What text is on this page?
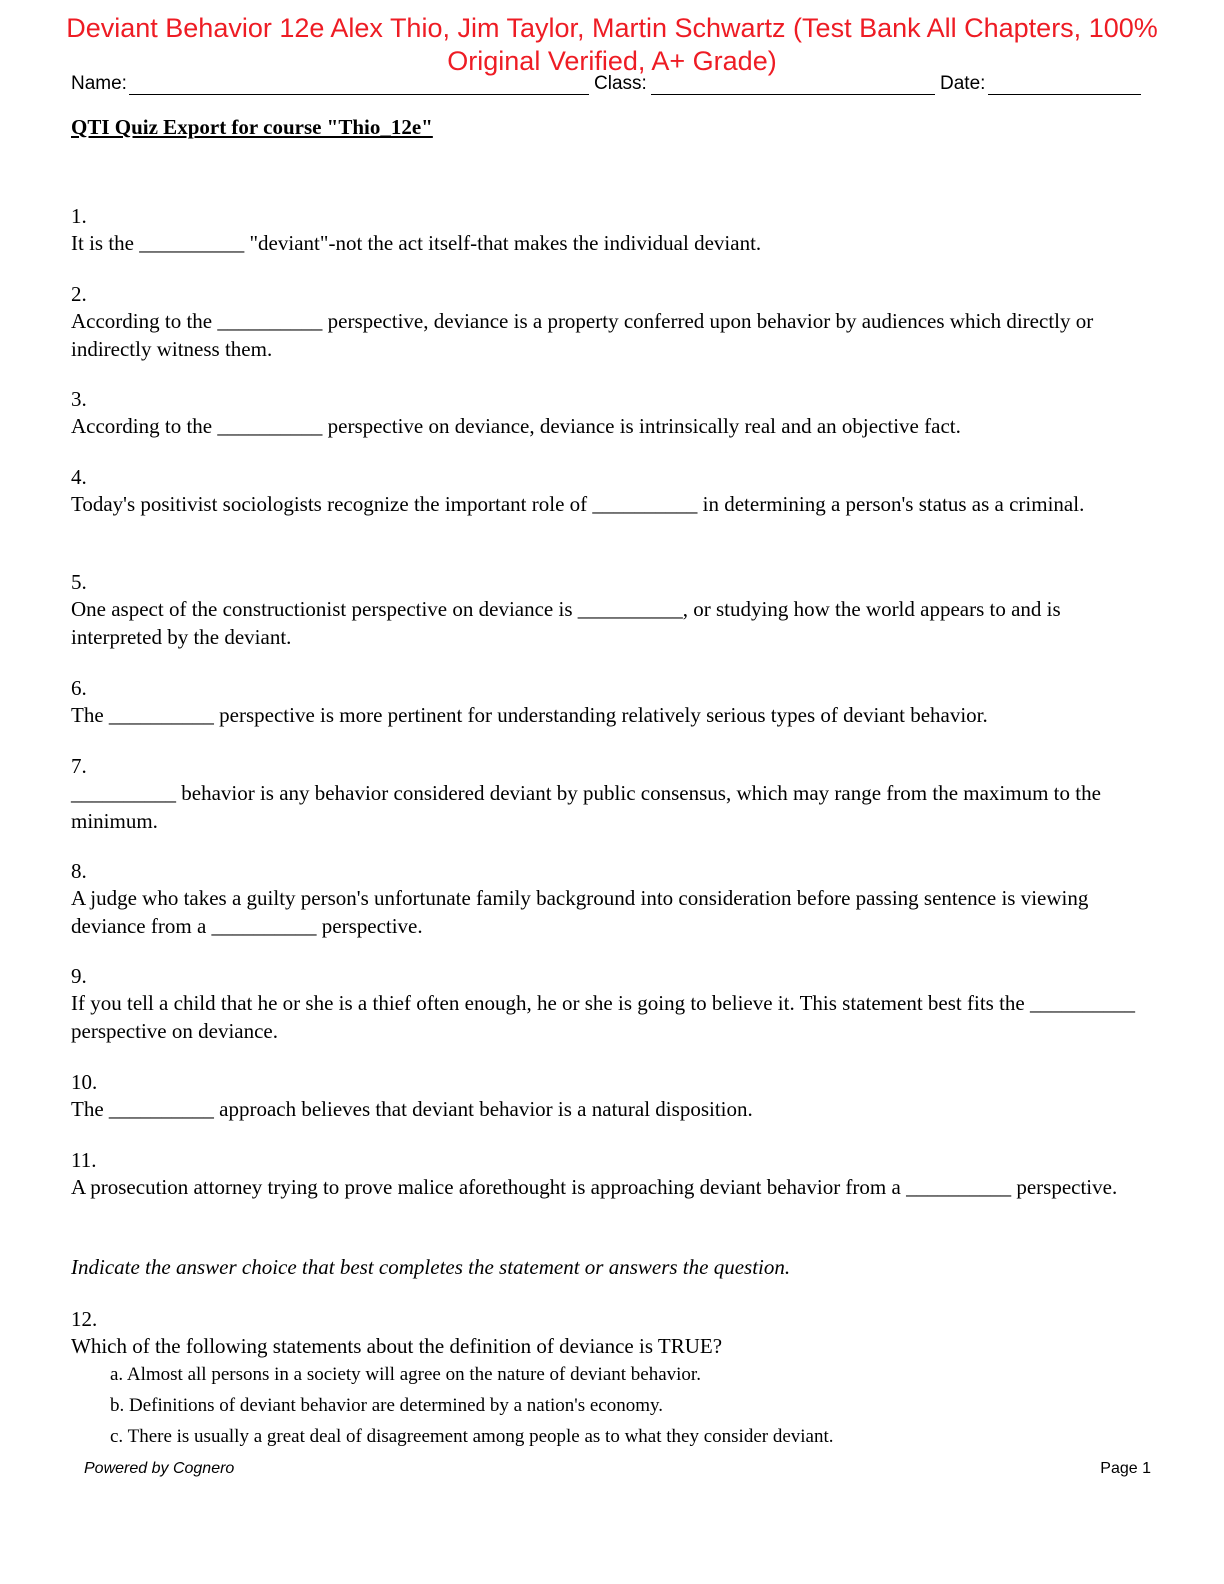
Deviant Behavior 12e Alex Thio, Jim Taylor, Martin Schwartz (Test Bank All Chapters, 100% Original Verified, A+ Grade)
Name:	Class:	Date:
QTI Quiz Export for course "Thio_12e"
1.
It is the __________ "deviant"-not the act itself-that makes the individual deviant.
2.
According to the __________ perspective, deviance is a property conferred upon behavior by audiences which directly or indirectly witness them.
3.
According to the __________ perspective on deviance, deviance is intrinsically real and an objective fact.
4.
Today's positivist sociologists recognize the important role of __________ in determining a person's status as a criminal.
5.
One aspect of the constructionist perspective on deviance is __________, or studying how the world appears to and is interpreted by the deviant.
6.
The __________ perspective is more pertinent for understanding relatively serious types of deviant behavior.
7.
__________ behavior is any behavior considered deviant by public consensus, which may range from the maximum to the minimum.
8.
A judge who takes a guilty person's unfortunate family background into consideration before passing sentence is viewing deviance from a __________ perspective.
9.
If you tell a child that he or she is a thief often enough, he or she is going to believe it. This statement best fits the __________ perspective on deviance.
10.
The __________ approach believes that deviant behavior is a natural disposition.
11.
A prosecution attorney trying to prove malice aforethought is approaching deviant behavior from a __________ perspective.
Indicate the answer choice that best completes the statement or answers the question.
12.
Which of the following statements about the definition of deviance is TRUE?
a. Almost all persons in a society will agree on the nature of deviant behavior.
b. Definitions of deviant behavior are determined by a nation's economy.
c. There is usually a great deal of disagreement among people as to what they consider deviant.
Powered by Cognero	Page 1
